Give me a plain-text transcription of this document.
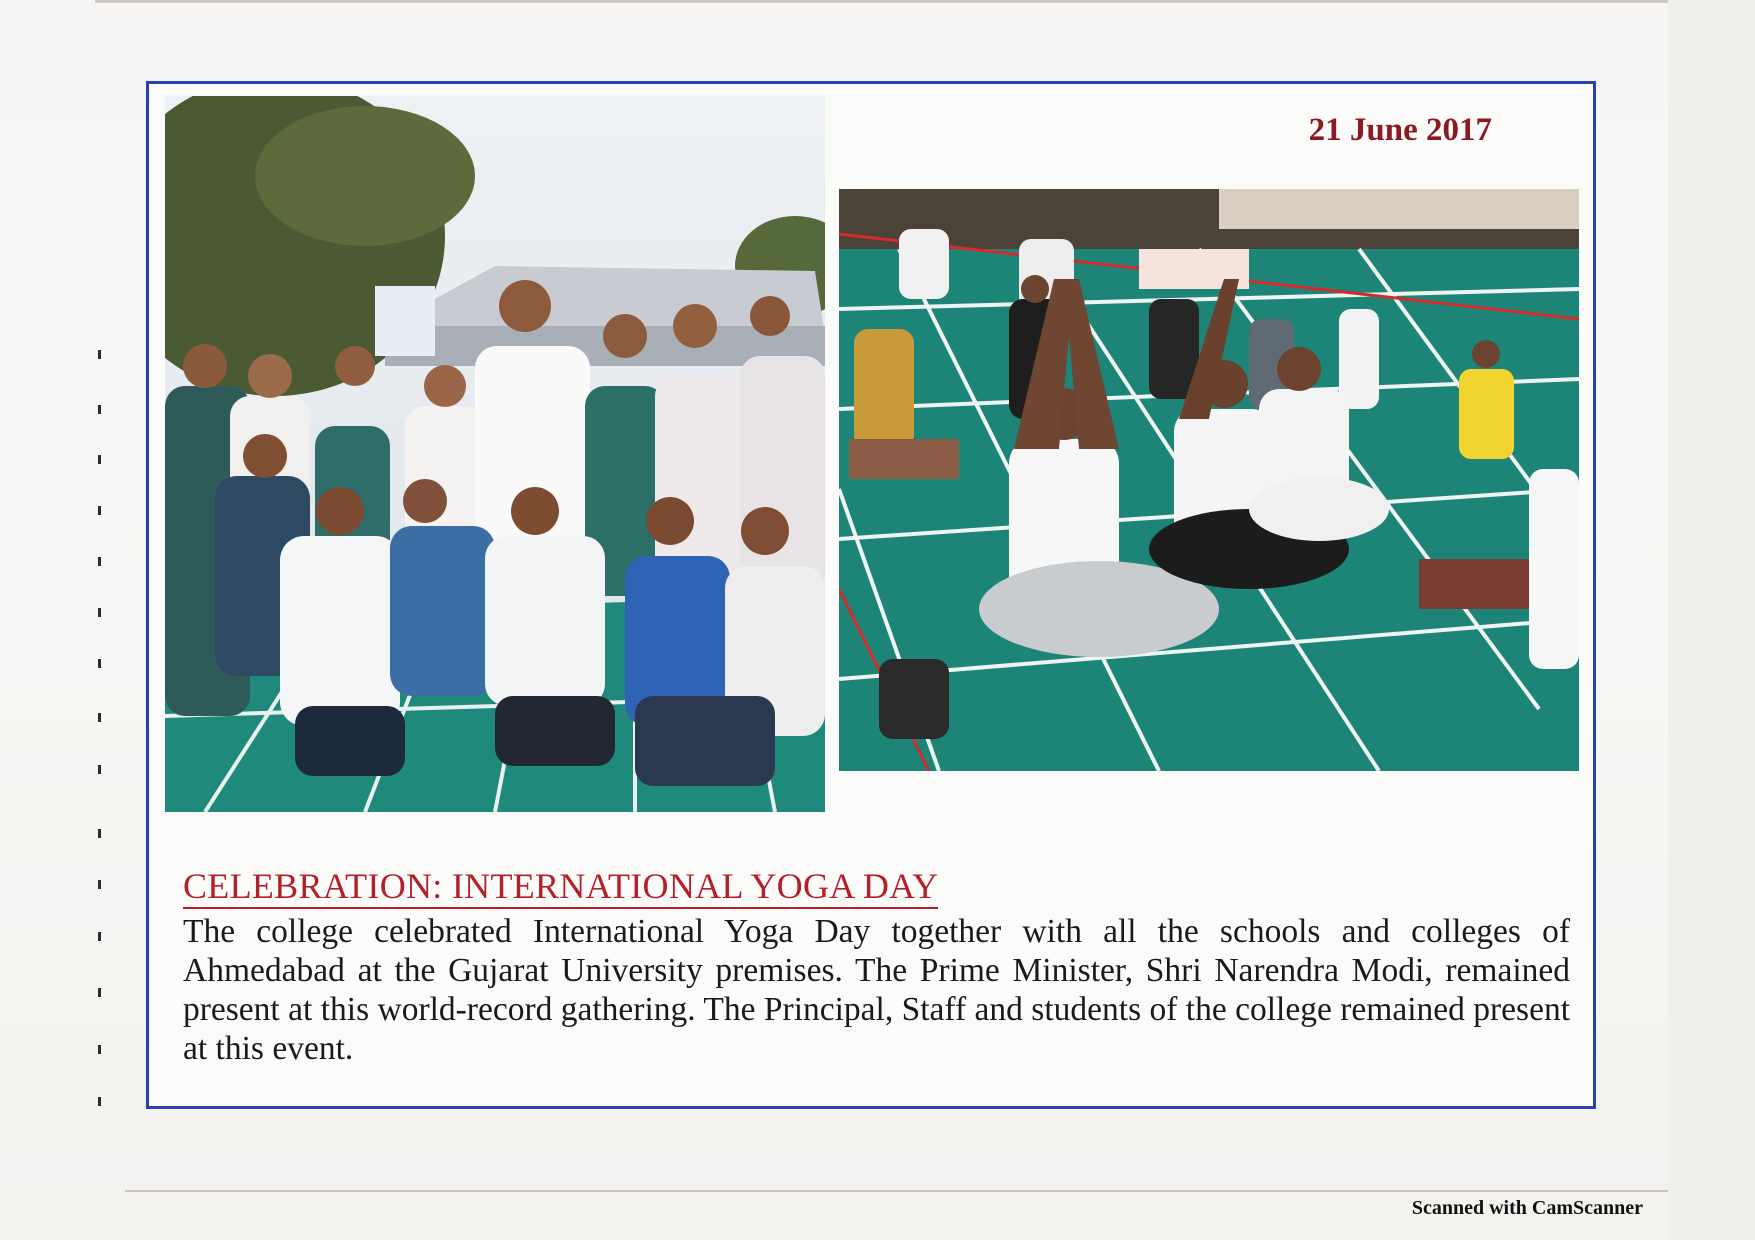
21 June 2017
CELEBRATION: INTERNATIONAL YOGA DAY
The college celebrated International Yoga Day together with all the schools and colleges of Ahmedabad at the Gujarat University premises. The Prime Minister, Shri Narendra Modi, remained present at this world-record gathering. The Principal, Staff and students of the college remained present at this event.
Scanned with CamScanner
